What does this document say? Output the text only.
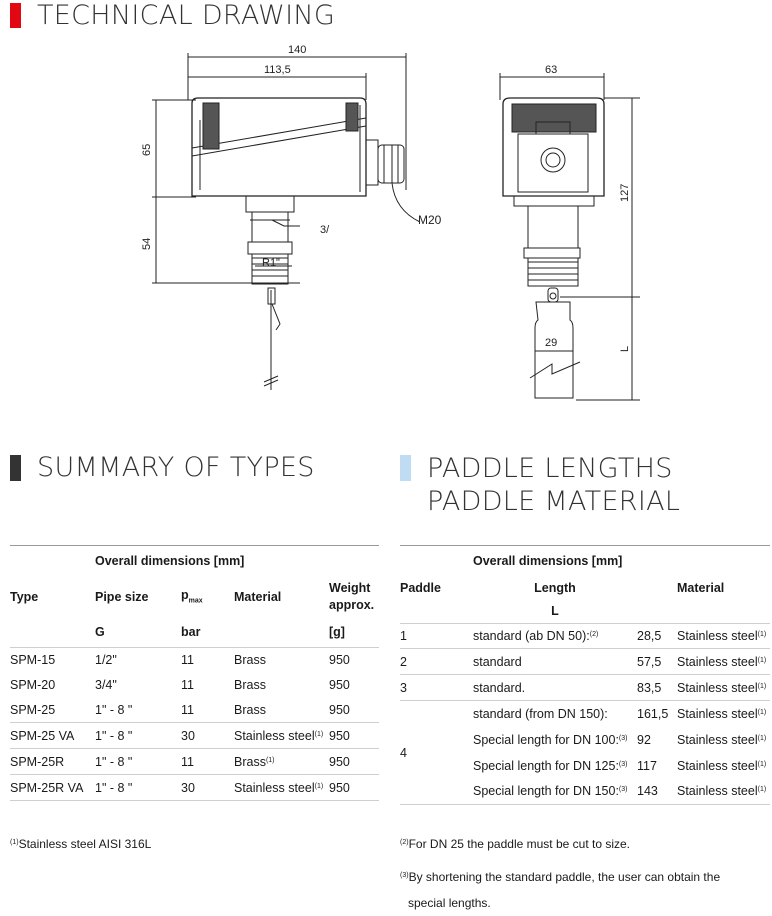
TECHNICAL DRAWING
140
113,5
65
54
3/
R1"
M20
63
127
29	L
SUMMARY OF TYPES
	Overall dimensions [mm]			
Type	Pipe size	$p_{max}$	Material	Weight approx.
	G	bar		[g]
SPM-15	1/2"	11	Brass	950
SPM-20	3/4"	11	Brass	950
SPM-25	1" - 8 "	11	Brass	950
SPM-25 VA	1" - 8 "	30	Stainless steel$^{(1)}$	950
SPM-25R	1" - 8 "	11	Brass$^{(1)}$	950
SPM-25R VA	1" - 8 "	30	Stainless steel$^{(1)}$	950

$^{(1)}$Stainless steel AISI 316L
PADDLE LENGTHS
PADDLE MATERIAL
	Overall dimensions [mm]		
Paddle	Length		Material
	L		
1	standard (ab DN 50):$^{(2)}$	28,5	Stainless steel$^{(1)}$
2	standard	57,5	Stainless steel$^{(1)}$
3	standard.	83,5	Stainless steel$^{(1)}$
4	standard (from DN 150):	161,5	Stainless steel$^{(1)}$
	Special length for DN 100:$^{(3)}$	92	Stainless steel$^{(1)}$
	Special length for DN 125:$^{(3)}$	117	Stainless steel$^{(1)}$
	Special length for DN 150:$^{(3)}$	143	Stainless steel$^{(1)}$

$^{(2)}$For DN 25 the paddle must be cut to size.
$^{(3)}$By shortening the standard paddle, the user can obtain the
special lengths.
